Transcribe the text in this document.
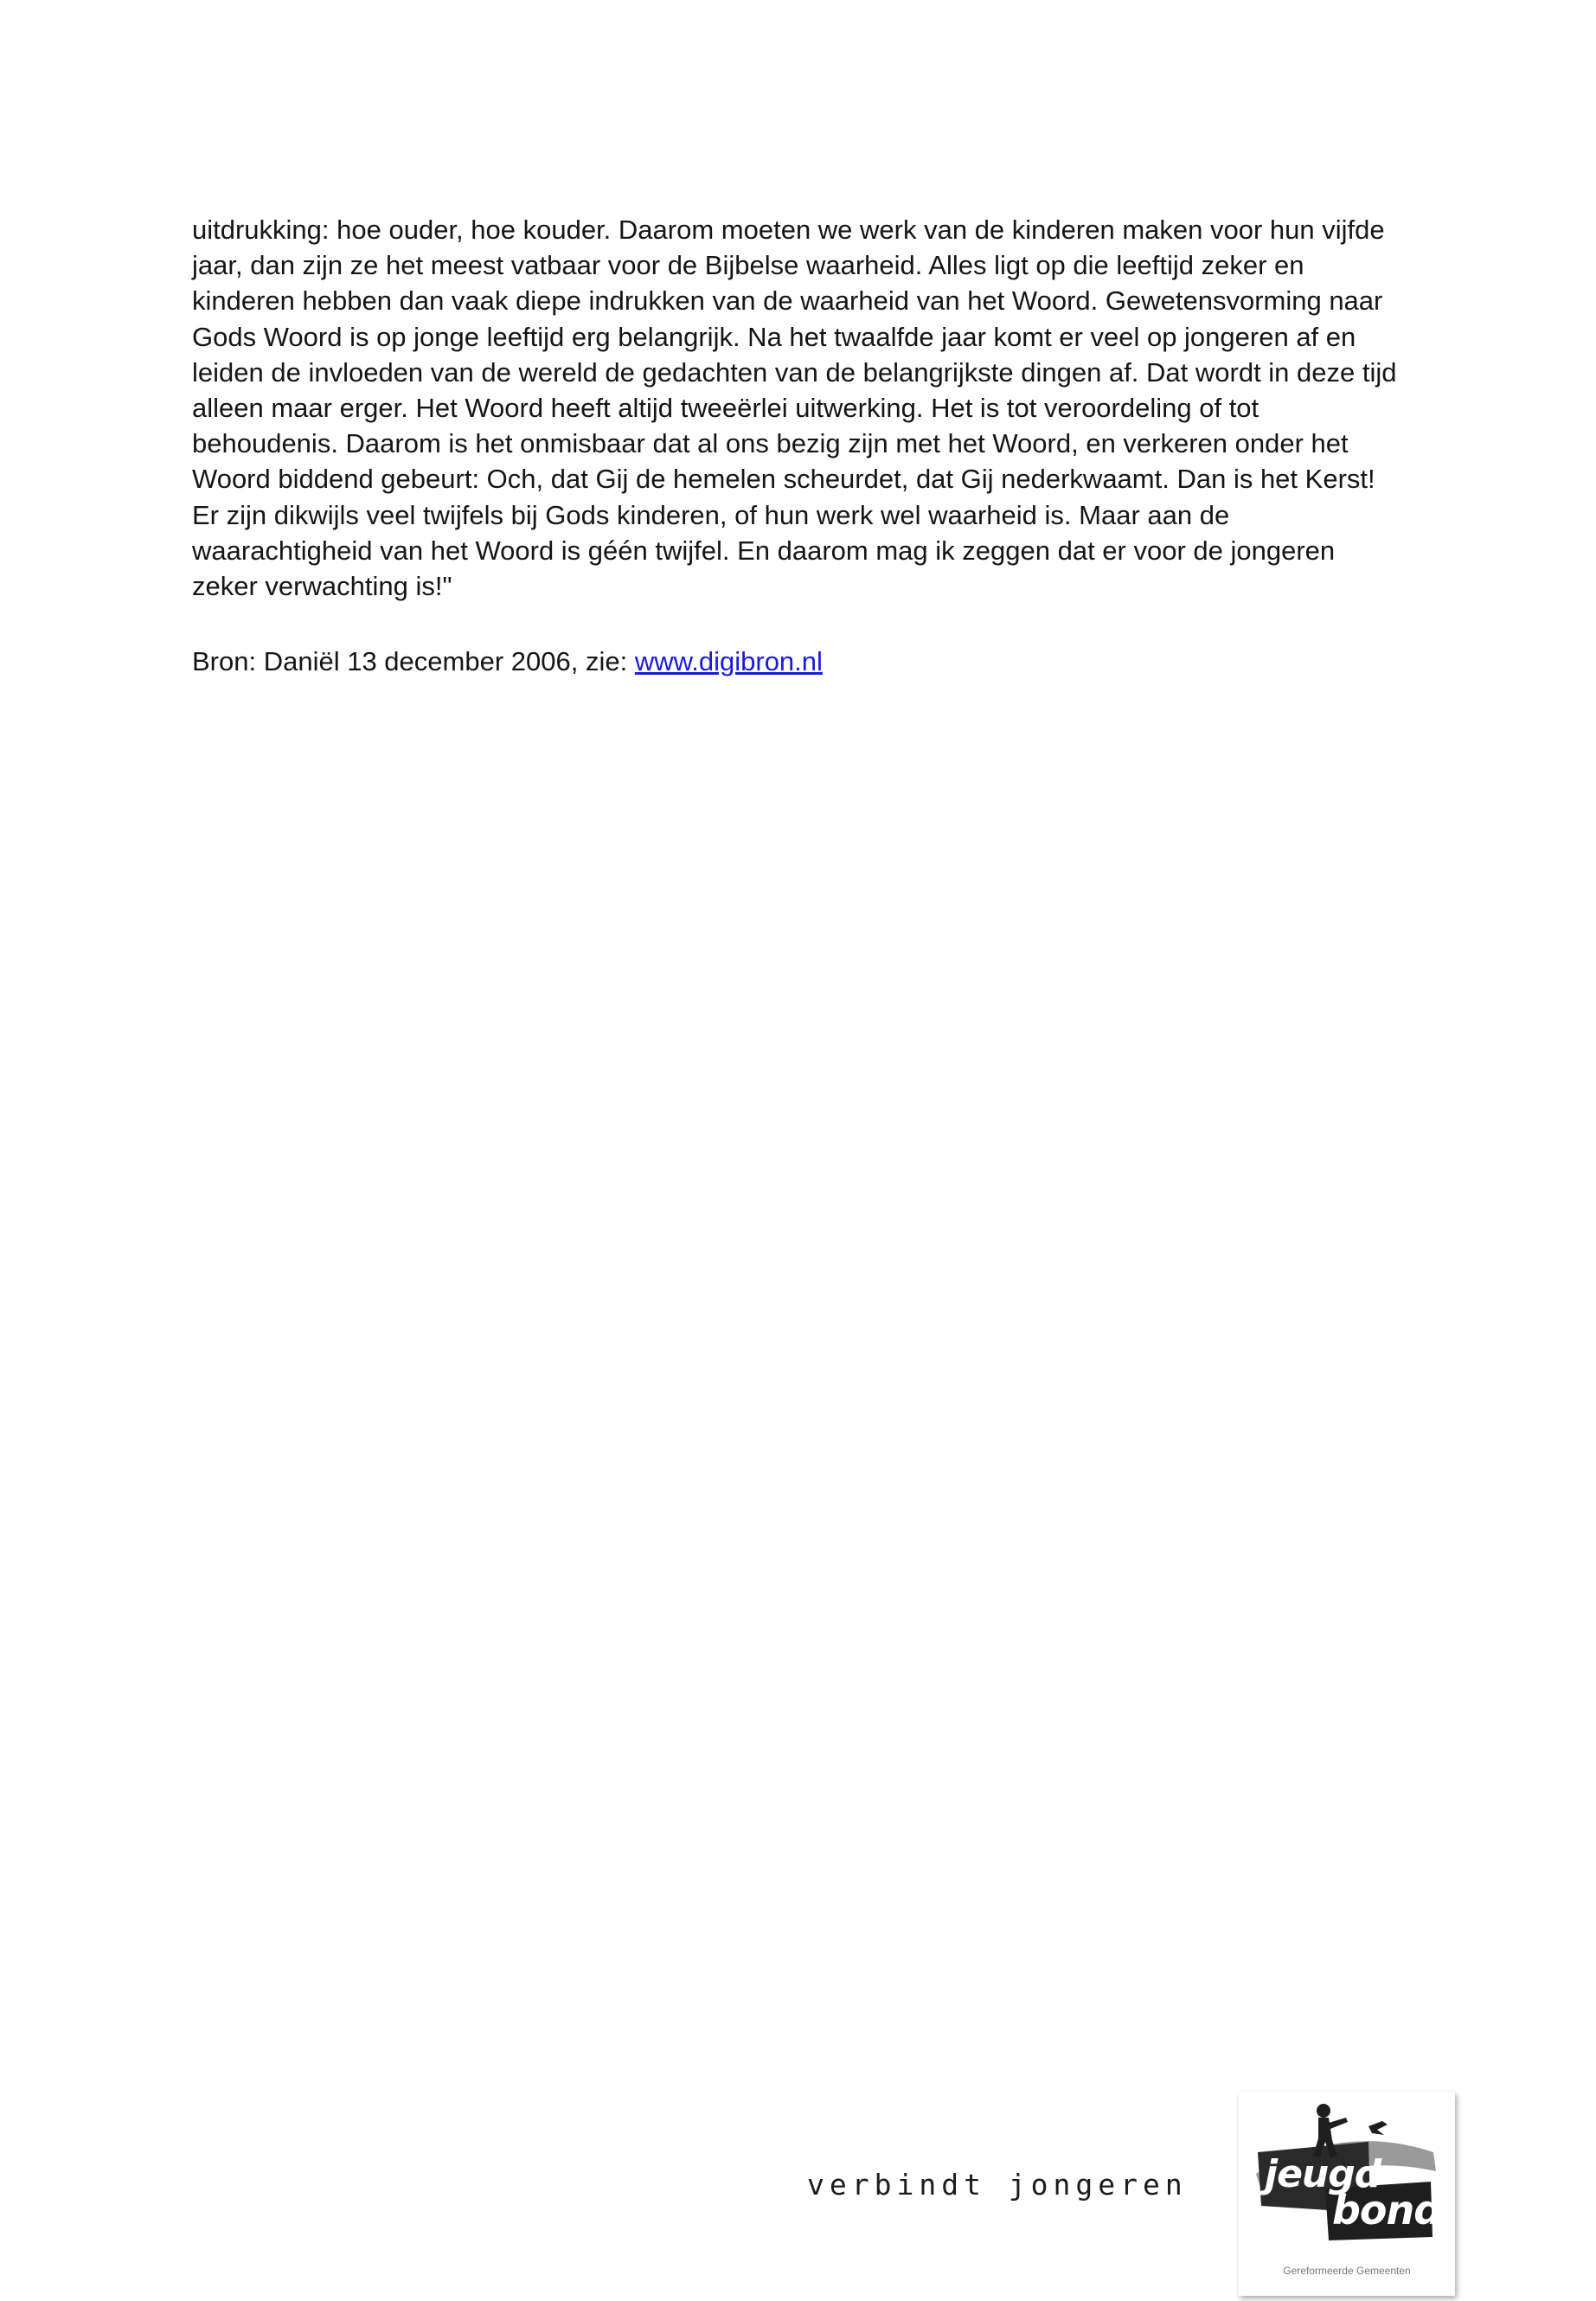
uitdrukking: hoe ouder, hoe kouder. Daarom moeten we werk van de kinderen maken voor hun vijfde
jaar, dan zijn ze het meest vatbaar voor de Bijbelse waarheid. Alles ligt op die leeftijd zeker en
kinderen hebben dan vaak diepe indrukken van de waarheid van het Woord. Gewetensvorming naar
Gods Woord is op jonge leeftijd erg belangrijk. Na het twaalfde jaar komt er veel op jongeren af en
leiden de invloeden van de wereld de gedachten van de belangrijkste dingen af. Dat wordt in deze tijd
alleen maar erger. Het Woord heeft altijd tweeërlei uitwerking. Het is tot veroordeling of tot
behoudenis. Daarom is het onmisbaar dat al ons bezig zijn met het Woord, en verkeren onder het
Woord biddend gebeurt: Och, dat Gij de hemelen scheurdet, dat Gij nederkwaamt. Dan is het Kerst!
Er zijn dikwijls veel twijfels bij Gods kinderen, of hun werk wel waarheid is. Maar aan de
waarachtigheid van het Woord is géén twijfel. En daarom mag ik zeggen dat er voor de jongeren
zeker verwachting is!"
Bron: Daniël 13 december 2006, zie: www.digibron.nl
verbindt jongeren jeugd
bond
Gereformeerde Gemeenten
